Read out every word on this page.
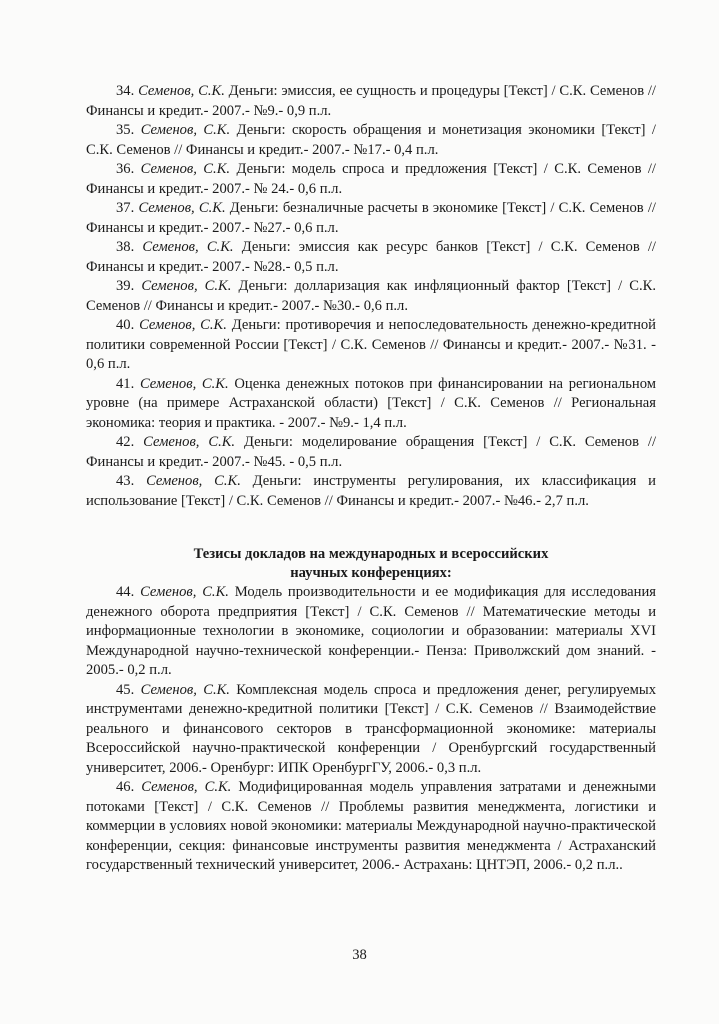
34. Семенов, С.К. Деньги: эмиссия, ее сущность и процедуры [Текст] / С.К. Семенов // Финансы и кредит.- 2007.- №9.- 0,9 п.л.

35. Семенов, С.К. Деньги: скорость обращения и монетизация экономики [Текст] / С.К. Семенов // Финансы и кредит.- 2007.- №17.- 0,4 п.л.

36. Семенов, С.К. Деньги: модель спроса и предложения [Текст] / С.К. Семенов // Финансы и кредит.- 2007.- № 24.- 0,6 п.л.

37. Семенов, С.К. Деньги: безналичные расчеты в экономике [Текст] / С.К. Семенов // Финансы и кредит.- 2007.- №27.- 0,6 п.л.

38. Семенов, С.К. Деньги: эмиссия как ресурс банков [Текст] / С.К. Семенов // Финансы и кредит.- 2007.- №28.- 0,5 п.л.

39. Семенов, С.К. Деньги: долларизация как инфляционный фактор [Текст] / С.К. Семенов // Финансы и кредит.- 2007.- №30.- 0,6 п.л.

40. Семенов, С.К. Деньги: противоречия и непоследовательность денежно-кредитной политики современной России [Текст] / С.К. Семенов // Финансы и кредит.- 2007.- №31. - 0,6 п.л.

41. Семенов, С.К. Оценка денежных потоков при финансировании на региональном уровне (на примере Астраханской области) [Текст] / С.К. Семенов // Региональная экономика: теория и практика. - 2007.- №9.- 1,4 п.л.

42. Семенов, С.К. Деньги: моделирование обращения [Текст] / С.К. Семенов // Финансы и кредит.- 2007.- №45. - 0,5 п.л.

43. Семенов, С.К. Деньги: инструменты регулирования, их классификация и использование [Текст] / С.К. Семенов // Финансы и кредит.- 2007.- №46.- 2,7 п.л.

Тезисы докладов на международных и всероссийских
научных конференциях:

44. Семенов, С.К. Модель производительности и ее модификация для исследования денежного оборота предприятия [Текст] / С.К. Семенов // Математические методы и информационные технологии в экономике, социологии и образовании: материалы XVI Международной научно-технической конференции.- Пенза: Приволжский дом знаний. - 2005.- 0,2 п.л.

45. Семенов, С.К. Комплексная модель спроса и предложения денег, регулируемых инструментами денежно-кредитной политики [Текст] / С.К. Семенов // Взаимодействие реального и финансового секторов в трансформационной экономике: материалы Всероссийской научно-практической конференции / Оренбургский государственный университет, 2006.- Оренбург: ИПК ОренбургГУ, 2006.- 0,3 п.л.

46. Семенов, С.К. Модифицированная модель управления затратами и денежными потоками [Текст] / С.К. Семенов // Проблемы развития менеджмента, логистики и коммерции в условиях новой экономики: материалы Международной научно-практической конференции, секция: финансовые инструменты развития менеджмента / Астраханский государственный технический университет, 2006.- Астрахань: ЦНТЭП, 2006.- 0,2 п.л..

38
